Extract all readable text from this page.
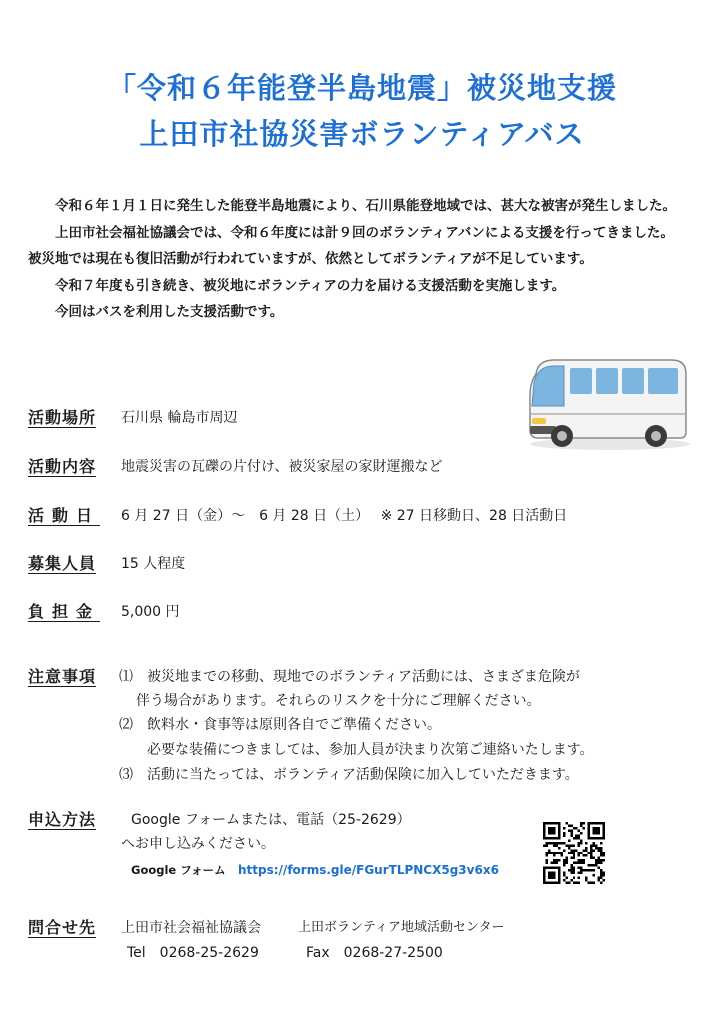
「令和６年能登半島地震」被災地支援
上田市社協災害ボランティアバス

令和６年１月１日に発生した能登半島地震により、石川県能登地域では、甚大な被害が発生しました。

上田市社会福祉協議会では、令和６年度には計９回のボランティアバンによる支援を行ってきました。被災地では現在も復旧活動が行われていますが、依然としてボランティアが不足しています。

令和７年度も引き続き、被災地にボランティアの力を届ける支援活動を実施します。

今回はバスを利用した支援活動です。

活動場所 石川県 輪島市周辺
活動内容 地震災害の瓦礫の片付け、被災家屋の家財運搬など
活動日 6 月 27 日（金）～　6 月 28 日（土）　 ※ 27 日移動日、28 日活動日
募集人員 15 人程度
負担金 5,000 円
注意事項 ⑴ 被災地までの移動、現地でのボランティア活動には、さまざま危険が
伴う場合があります。それらのリスクを十分にご理解ください。
⑵ 飲料水・食事等は原則各自でご準備ください。
必要な装備につきましては、参加人員が決まり次第ご連絡いたします。
⑶ 活動に当たっては、ボランティア活動保険に加入していただきます。
申込方法 Google フォームまたは、電話（25-2629）
へお申し込みください。
Google フォーム https://forms.gle/FGurTLPNCX5g3v6x6
問合せ先 上田市社会福祉協議会	上田ボランティア地域活動センター
Tel　0268-25-2629	Fax　0268-27-2500
